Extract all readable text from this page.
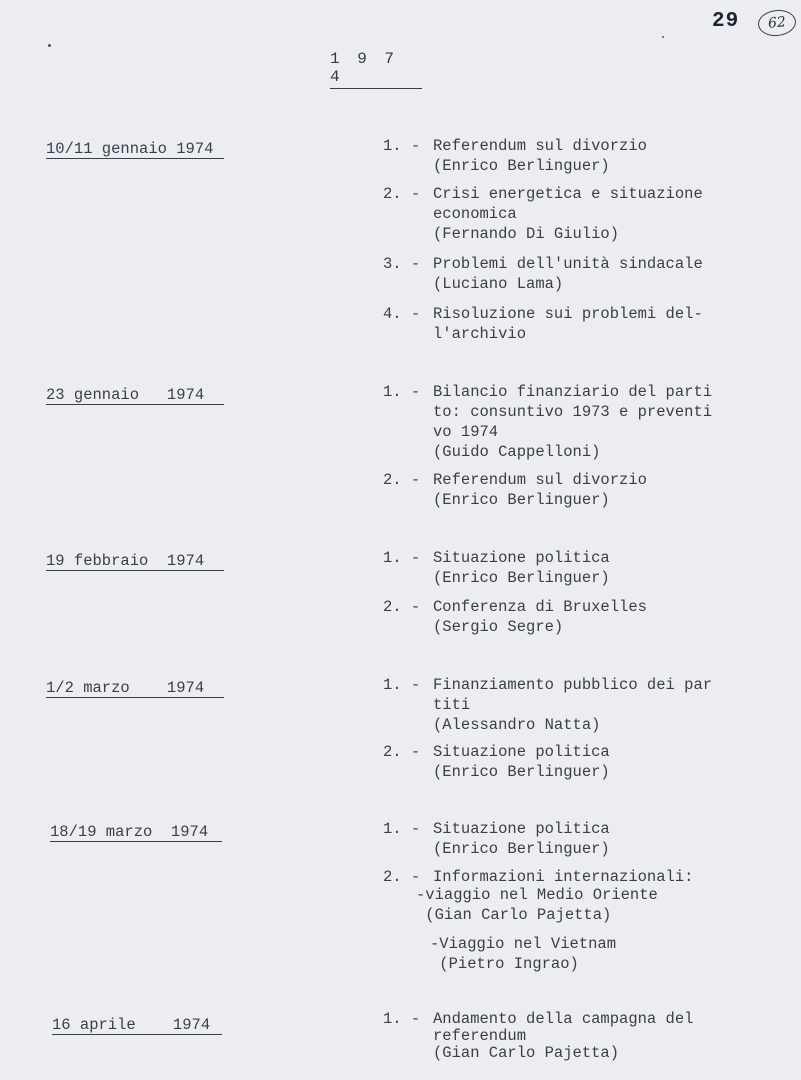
29	62
1 9 7 4
10/11 gennaio 1974	1. - Referendum sul divorzio
(Enrico Berlinguer)
2. - Crisi energetica e situazione
economica
(Fernando Di Giulio)
3. - Problemi dell'unità sindacale
(Luciano Lama)
4. - Risoluzione sui problemi del-
l'archivio
23 gennaio   1974	1. - Bilancio finanziario del parti
to: consuntivo 1973 e preventi
vo 1974
(Guido Cappelloni)
2. - Referendum sul divorzio
(Enrico Berlinguer)
19 febbraio  1974	1. - Situazione politica
(Enrico Berlinguer)
2. - Conferenza di Bruxelles
(Sergio Segre)
1/2 marzo    1974	1. - Finanziamento pubblico dei par
titi
(Alessandro Natta)
2. - Situazione politica
(Enrico Berlinguer)
18/19 marzo  1974	1. - Situazione politica
(Enrico Berlinguer)
2. - Informazioni internazionali:
-viaggio nel Medio Oriente
(Gian Carlo Pajetta)
-Viaggio nel Vietnam
(Pietro Ingrao)
16 aprile    1974	1. - Andamento della campagna del
referendum
(Gian Carlo Pajetta)
